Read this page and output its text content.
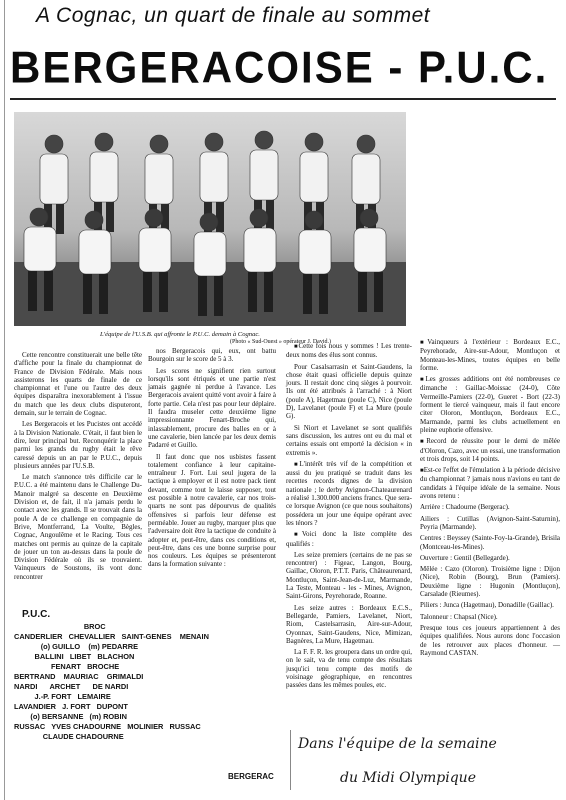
A Cognac, un quart de finale au sommet
BERGERACOISE - P.U.C.
L'équipe de l'U.S.B. qui affronte le P.U.C. demain à Cognac.
(Photo « Sud-Ouest » opérateur J. David.)

Cette rencontre constituerait une belle tête d'affiche pour la finale du championnat de France de Division Fédérale. Mais nous assisterons les quarts de finale de ce championnat et l'une ou l'autre des deux équipes disparaîtra inexorablement à l'issue du match que les deux clubs disputeront, demain, sur le terrain de Cognac.

Les Bergeracois et les Pucistes ont accédé à la Division Nationale. C'était, il faut bien le dire, leur principal but. Reconquérir la place parmi les grands du rugby était le rêve caressé depuis un an par le P.U.C., depuis plusieurs années par l'U.S.B.

Le match s'annonce très difficile car le P.U.C. a été maintenu dans le Challenge Du-Manoir malgré sa descente en Deuxième Division et, de fait, il n'a jamais perdu le contact avec les grands. Il se trouvait dans la poule A de ce challenge en compagnie de Brive, Montferrand, La Voulte, Bègles, Cognac, Angoulême et le Racing. Tous ces matches ont permis au quinze de la capitale de jouer un ton au-dessus dans la poule de Division Fédérale où ils se trouvaient. Vainqueurs de Soustons, ils vont donc rencontrer

nos Bergeracois qui, eux, ont battu Bourgoin sur le score de 5 à 3.

Les scores ne signifient rien surtout lorsqu'ils sont étriqués et une partie n'est jamais gagnée ni perdue à l'avance. Les Bergeracois avaient quitté vont avoir à faire à forte partie. Cela n'est pas pour leur déplaire. Il faudra museler cette deuxième ligne impressionnante Fenart-Broche qui, inlassablement, procure des balles en or à une cavalerie, bien lancée par les deux demis Padarré et Guillo.

Il faut donc que nos usbistes fassent totalement confiance à leur capitaine-entraîneur J. Fort. Lui seul jugera de la tactique à employer et il est notre pack tient devant, comme tout le laisse supposer, tout est possible à notre cavalerie, car nos trois-quarts ne sont pas dépourvus de qualités offensives si parfois leur défense est perméable. Jouer au rugby, marquer plus que l'adversaire doit être la tactique de conduite à adopter et, peut-être, dans ces conditions et, peut-être, dans ces une bonne surprise pour nos couleurs. Les équipes se présenteront dans la formation suivante :

■ Cette fois nous y sommes ! Les trente-deux noms des élus sont connus.

Pour Casalsarrasin et Saint-Gaudens, la chose était quasi officielle depuis quinze jours. Il restait donc cinq sièges à pourvoir. Ils ont été attribués à l'arraché : à Niort (poule A), Hagetmau (poule C), Nice (poule D), Lavelanet (poule F) et La Mure (poule G).

Si Niort et Lavelanet se sont qualifiés sans discussion, les autres ont eu du mal et certains essais ont emporté la décision « in extremis ».

■ L'intérêt très vif de la compétition et aussi du jeu pratiqué se traduit dans les recettes records dignes de la division nationale ; le derby Avignon-Chateaurenard a réalisé 1.300.000 anciens francs. Que sera-ce lorsque Avignon (ce que nous souhaitons) possédera un jour une équipe opérant avec les ténors ?

■ Voici donc la liste complète des qualifiés :

Les seize premiers (certains de ne pas se rencontrer) : Figeac, Langon, Bourg, Gaillac, Oloron, P.T.T. Paris, Châteaurenard, Montluçon, Saint-Jean-de-Luz, Marmande, La Teste, Monteau - les - Mines, Avignon, Saint-Girons, Peyrehorade, Roanne.

Les seize autres : Bordeaux E.C.S., Bellegarde, Pamiers, Lavelanet, Niort, Riom, Castelsarrasin, Aire-sur-Adour, Oyonnax, Saint-Gaudens, Nice, Mimizan, Bagnères, La Mure, Hagetmau.

La F. F. R. les groupera dans un ordre qui, on le sait, va de tenu compte des résultats jusqu'ici tenu compte des motifs de voisinage géographique, en rencontres passées dans les mêmes poules, etc.

■ Vainqueurs à l'extérieur : Bordeaux E.C., Peyrehorade, Aire-sur-Adour, Montluçon et Monteau-les-Mines, toutes équipes en belle forme.

■ Les grosses additions ont été nombreuses ce dimanche : Gaillac-Moissac (24-0), Côte Vermeille-Pamiers (22-0), Gueret - Bort (22-3) forment le tiercé vainqueur, mais il faut encore citer Oloron, Montluçon, Bordeaux E.C., Marmande, parmi les clubs actuellement en pleine euphorie offensive.

■ Record de réussite pour le demi de mêlée d'Oloron, Cazo, avec un essai, une transformation et trois drops, soit 14 points.

■ Est-ce l'effet de l'émulation à la période décisive du championnat ? jamais nous n'avions eu tant de candidats à l'équipe idéale de la semaine. Nous avons retenu :

Arrière : Chadourne (Bergerac).

Ailiers : Cutillas (Avignon-Saint-Saturnin), Peyria (Marmande).

Centres : Beyssey (Sainte-Foy-la-Grande), Brisila (Montceau-les-Mines).

Ouverture : Gentil (Bellegarde).

Mêlée : Cazo (Oloron). Troisième ligne : Dijon (Nice), Robin (Bourg), Brun (Pamiers). Deuxième ligne : Hugonin (Montluçon), Carsalade (Rieumes).

Piliers : Junca (Hagetmau), Donadille (Gaillac).

Talonneur : Chapsal (Nice).

Presque tous ces joueurs appartiennent à des équipes qualifiées. Nous aurons donc l'occasion de les retrouver aux places d'honneur. — Raymond CASTAN.

P.U.C.
BROC
CANDERLIER   CHEVALLIER   SAINT-GENES    MENAIN
(o) GUILLO    (m) PEDARRE
BALLINI   LIBET   BLACHON
FENART   BROCHE
BERTRAND    MAURIAC    GRIMALDI
NARDI      ARCHET      DE NARDI
J.-P. FORT   LEMAIRE
LAVANDIER   J. FORT   DUPONT
(o) BERSANNE   (m) ROBIN
RUSSAC   YVES CHADOURNE   MOLINIER   RUSSAC
CLAUDE CHADOURNE
BERGERAC
Dans l'équipe de la semaine
du Midi Olympique
